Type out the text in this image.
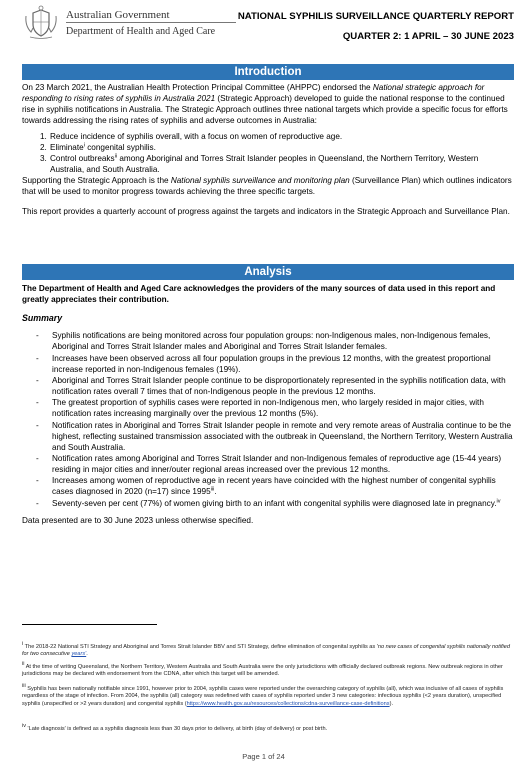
Australian Government
Department of Health and Aged Care
NATIONAL SYPHILIS SURVEILLANCE QUARTERLY REPORT
QUARTER 2: 1 APRIL – 30 JUNE 2023
Introduction

On 23 March 2021, the Australian Health Protection Principal Committee (AHPPC) endorsed the National strategic approach for responding to rising rates of syphilis in Australia 2021 (Strategic Approach) developed to guide the national response to the continued rise in syphilis notifications in Australia. The Strategic Approach outlines three national targets which provide a specific focus for efforts towards addressing the rising rates of syphilis and adverse outcomes in Australia:

1. Reduce incidence of syphilis overall, with a focus on women of reproductive age.
2. Eliminate$^i$ congenital syphilis.
3. Control outbreaks$^{ii}$ among Aboriginal and Torres Strait Islander peoples in Queensland, the Northern Territory, Western Australia, and South Australia.

Supporting the Strategic Approach is the National syphilis surveillance and monitoring plan (Surveillance Plan) which outlines indicators that will be used to monitor progress towards achieving the three specific targets.

This report provides a quarterly account of progress against the targets and indicators in the Strategic Approach and Surveillance Plan.

Analysis

The Department of Health and Aged Care acknowledges the providers of the many sources of data used in this report and greatly appreciates their contribution.

Summary

- Syphilis notifications are being monitored across four population groups: non-Indigenous males, non-Indigenous females, Aboriginal and Torres Strait Islander males and Aboriginal and Torres Strait Islander females.
- Increases have been observed across all four population groups in the previous 12 months, with the greatest proportional increase reported in non-Indigenous females (19%).
- Aboriginal and Torres Strait Islander people continue to be disproportionately represented in the syphilis notification data, with notification rates overall 7 times that of non-Indigenous people in the previous 12 months.
- The greatest proportion of syphilis cases were reported in non-Indigenous men, who largely resided in major cities, with notification rates increasing marginally over the previous 12 months (5%).
- Notification rates in Aboriginal and Torres Strait Islander people in remote and very remote areas of Australia continue to be the highest, reflecting sustained transmission associated with the outbreak in Queensland, the Northern Territory, Western Australia and South Australia.
- Notification rates among Aboriginal and Torres Strait Islander and non-Indigenous females of reproductive age (15-44 years) residing in major cities and inner/outer regional areas increased over the previous 12 months.
- Increases among women of reproductive age in recent years have coincided with the highest number of congenital syphilis cases diagnosed in 2020 (n=17) since 1995$^{iii}$.
- Seventy-seven per cent (77%) of women giving birth to an infant with congenital syphilis were diagnosed late in pregnancy.$^{iv}$

Data presented are to 30 June 2023 unless otherwise specified.

$^i$ The 2018-22 National STI Strategy and Aboriginal and Torres Strait Islander BBV and STI Strategy, define elimination of congenital syphilis as 'no new cases of congenital syphilis nationally notified for two consecutive years'.
$^{ii}$ At the time of writing Queensland, the Northern Territory, Western Australia and South Australia were the only jurisdictions with officially declared outbreak regions. New outbreak regions in other jurisdictions may be declared with endorsement from the CDNA, after which this target will be amended.
$^{iii}$ Syphilis has been nationally notifiable since 1991, however prior to 2004, syphilis cases were reported under the overarching category of syphilis (all), which was inclusive of all cases of syphilis regardless of the stage of infection. From 2004, the syphilis (all) category was redefined with cases of syphilis reported under 3 new categories: infectious syphilis (<2 years duration), unspecified syphilis (unspecified or >2 years duration) and congenital syphilis (https://www.health.gov.au/resources/collections/cdna-surveillance-case-definitions).
$^{iv}$ 'Late diagnosis' is defined as a syphilis diagnosis less than 30 days prior to delivery, at birth (day of delivery) or post birth.
Page 1 of 24
